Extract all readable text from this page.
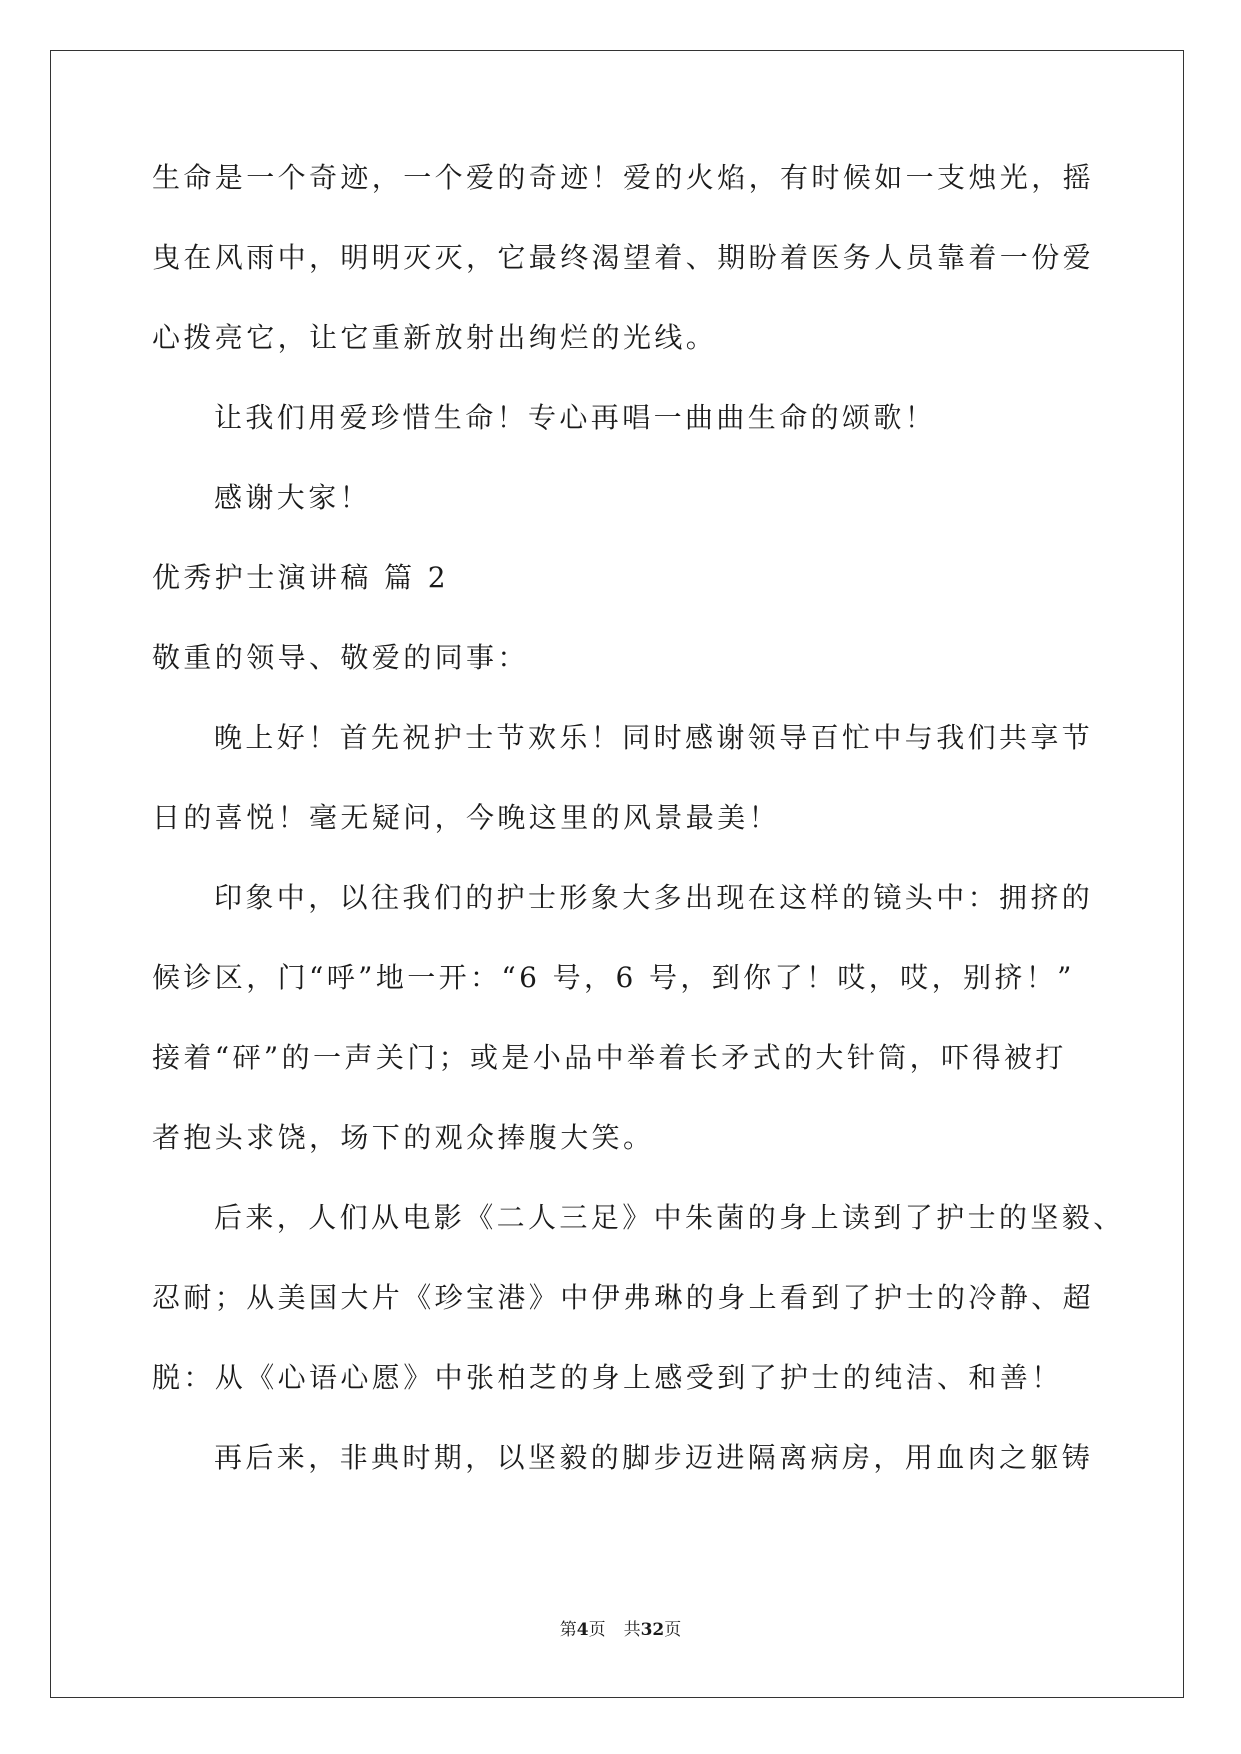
生命是一个奇迹，一个爱的奇迹！爱的火焰，有时候如一支烛光，摇
曳在风雨中，明明灭灭，它最终渴望着、期盼着医务人员靠着一份爱
心拨亮它，让它重新放射出绚烂的光线。
让我们用爱珍惜生命！专心再唱一曲曲生命的颂歌！
感谢大家！
优秀护士演讲稿 篇 2
敬重的领导、敬爱的同事：
晚上好！首先祝护士节欢乐！同时感谢领导百忙中与我们共享节
日的喜悦！毫无疑问，今晚这里的风景最美！
印象中，以往我们的护士形象大多出现在这样的镜头中：拥挤的
候诊区，门“呼”地一开：“6 号，6 号，到你了！哎，哎，别挤！”
接着“砰”的一声关门；或是小品中举着长矛式的大针筒，吓得被打
者抱头求饶，场下的观众捧腹大笑。
后来，人们从电影《二人三足》中朱菌的身上读到了护士的坚毅、
忍耐；从美国大片《珍宝港》中伊弗琳的身上看到了护士的冷静、超
脱：从《心语心愿》中张柏芝的身上感受到了护士的纯洁、和善！
再后来，非典时期，以坚毅的脚步迈进隔离病房，用血肉之躯铸
第4页 共32页
